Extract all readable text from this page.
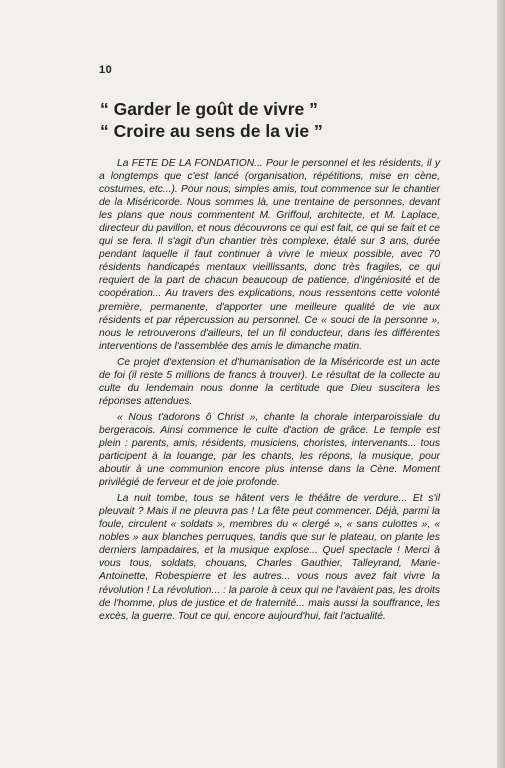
10
“ Garder le goût de vivre ”
“ Croire au sens de la vie ”

La FETE DE LA FONDATION... Pour le personnel et les résidents, il y a longtemps que c'est lancé (organisation, répétitions, mise en cène, costumes, etc...). Pour nous, simples amis, tout commence sur le chantier de la Miséricorde. Nous sommes là, une trentaine de personnes, devant les plans que nous commentent M. Griffoul, architecte, et M. Laplace, directeur du pavillon, et nous découvrons ce qui est fait, ce qui se fait et ce qui se fera. Il s'agit d'un chantier très complexe, étalé sur 3 ans, durée pendant laquelle il faut continuer à vivre le mieux possible, avec 70 résidents handicapés mentaux vieillissants, donc très fragiles, ce qui requiert de la part de chacun beaucoup de patience, d'ingéniosité et de coopération... Au travers des explications, nous ressentons cette volonté première, permanente, d'apporter une meilleure qualité de vie aux résidents et par répercussion au personnel. Ce « souci de la personne », nous le retrouverons d'ailleurs, tel un fil conducteur, dans les différentes interventions de l'assemblée des amis le dimanche matin.

Ce projet d'extension et d'humanisation de la Miséricorde est un acte de foi (il reste 5 millions de francs à trouver). Le résultat de la collecte au culte du lendemain nous donne la certitude que Dieu suscitera les réponses attendues.

« Nous t'adorons ô Christ », chante la chorale interparoissiale du bergeracois. Ainsi commence le culte d'action de grâce. Le temple est plein : parents, amis, résidents, musiciens, choristes, intervenants... tous participent à la louange, par les chants, les répons, la musique, pour aboutir à une communion encore plus intense dans la Cène. Moment privilégié de ferveur et de joie profonde.

La nuit tombe, tous se hâtent vers le théâtre de verdure... Et s'il pleuvait ? Mais il ne pleuvra pas ! La fête peut commencer. Déjà, parmi la foule, circulent « soldats », membres du « clergé », « sans culottes », « nobles » aux blanches perruques, tandis que sur le plateau, on plante les derniers lampadaires, et la musique explose... Quel spectacle ! Merci à vous tous, soldats, chouans, Charles Gauthier, Talleyrand, Marie-Antoinette, Robespierre et les autres... vous nous avez fait vivre la révolution ! La révolution... : la parole à ceux qui ne l'avaient pas, les droits de l'homme, plus de justice et de fraternité... mais aussi la souffrance, les excès, la guerre. Tout ce qui, encore aujourd'hui, fait l'actualité.
